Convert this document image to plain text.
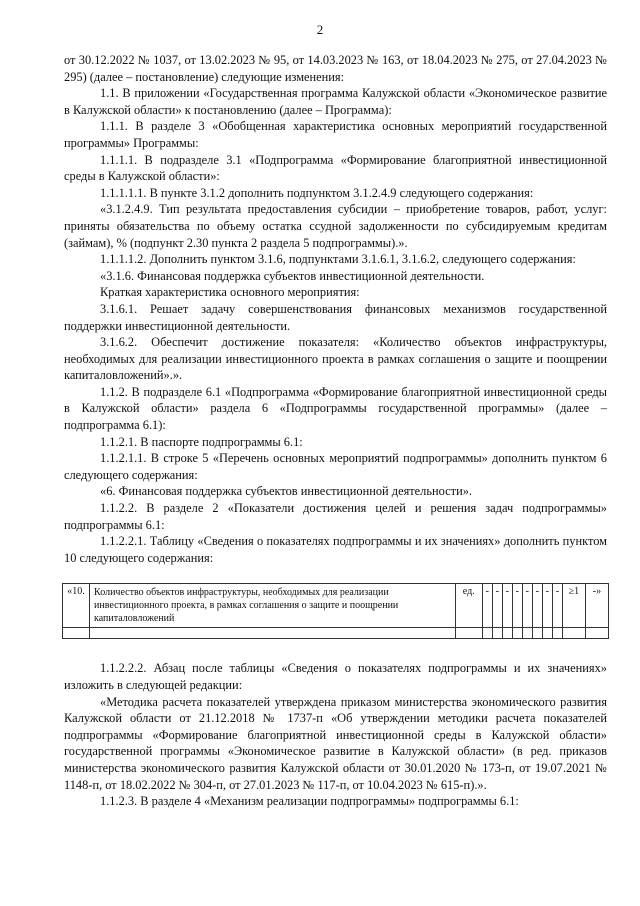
2

от 30.12.2022 № 1037, от 13.02.2023 № 95, от 14.03.2023 № 163, от 18.04.2023 № 275, от 27.04.2023 № 295) (далее – постановление) следующие изменения:

1.1. В приложении «Государственная программа Калужской области «Экономическое развитие в Калужской области» к постановлению (далее – Программа):

1.1.1. В разделе 3 «Обобщенная характеристика основных мероприятий государственной программы» Программы:

1.1.1.1. В подразделе 3.1 «Подпрограмма «Формирование благоприятной инвестиционной среды в Калужской области»:

1.1.1.1.1. В пункте 3.1.2 дополнить подпунктом 3.1.2.4.9 следующего содержания:

«3.1.2.4.9. Тип результата предоставления субсидии – приобретение товаров, работ, услуг: приняты обязательства по объему остатка ссудной задолженности по субсидируемым кредитам (займам), % (подпункт 2.30 пункта 2 раздела 5 подпрограммы).».

1.1.1.1.2. Дополнить пунктом 3.1.6, подпунктами 3.1.6.1, 3.1.6.2, следующего содержания:

«3.1.6. Финансовая поддержка субъектов инвестиционной деятельности.

Краткая характеристика основного мероприятия:

3.1.6.1. Решает задачу совершенствования финансовых механизмов государственной поддержки инвестиционной деятельности.

3.1.6.2. Обеспечит достижение показателя: «Количество объектов инфраструктуры, необходимых для реализации инвестиционного проекта в рамках соглашения о защите и поощрении капиталовложений».».

1.1.2. В подразделе 6.1 «Подпрограмма «Формирование благоприятной инвестиционной среды в Калужской области» раздела 6 «Подпрограммы государственной программы» (далее – подпрограмма 6.1):

1.1.2.1. В паспорте подпрограммы 6.1:

1.1.2.1.1. В строке 5 «Перечень основных мероприятий подпрограммы» дополнить пунктом 6 следующего содержания:

«6. Финансовая поддержка субъектов инвестиционной деятельности».

1.1.2.2. В разделе 2 «Показатели достижения целей и решения задач подпрограммы» подпрограммы 6.1:

1.1.2.2.1. Таблицу «Сведения о показателях подпрограммы и их значениях» дополнить пунктом 10 следующего содержания:

«10.	Количество объектов инфраструктуры, необходимых для реализации инвестиционного проекта, в рамках соглашения о защите и поощрении капиталовложений	ед.	-	-	-	-	-	-	-	-	≥1	-»

1.1.2.2.2. Абзац после таблицы «Сведения о показателях подпрограммы и их значениях» изложить в следующей редакции:

«Методика расчета показателей утверждена приказом министерства экономического развития Калужской области от 21.12.2018 № 1737-п «Об утверждении методики расчета показателей подпрограммы «Формирование благоприятной инвестиционной среды в Калужской области» государственной программы «Экономическое развитие в Калужской области» (в ред. приказов министерства экономического развития Калужской области от 30.01.2020 № 173-п, от 19.07.2021 № 1148-п, от 18.02.2022 № 304-п, от 27.01.2023 № 117-п, от 10.04.2023 № 615-п).».

1.1.2.3. В разделе 4 «Механизм реализации подпрограммы» подпрограммы 6.1:
